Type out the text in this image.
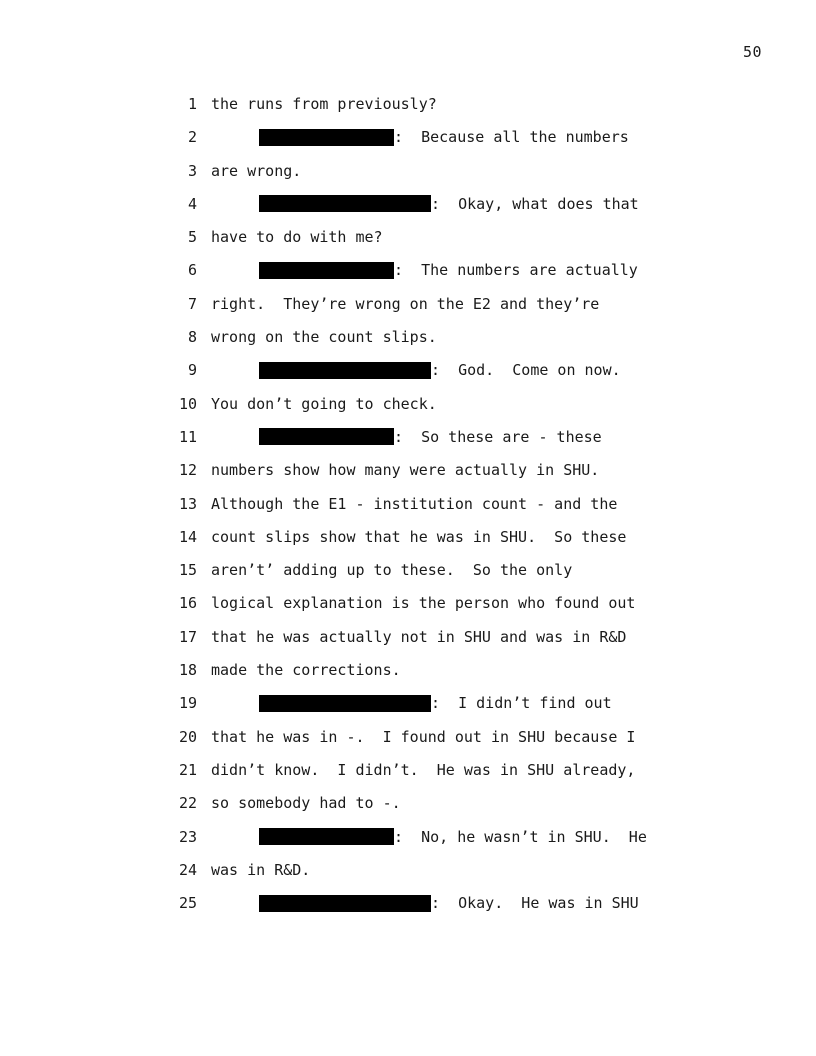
50
1 the runs from previously?
2	:  Because all the numbers
3 are wrong.
4	:  Okay, what does that
5 have to do with me?
6	:  The numbers are actually
7 right.  They’re wrong on the E2 and they’re
8 wrong on the count slips.
9	:  God.  Come on now.
10 You don’t going to check.
11	:  So these are - these
12 numbers show how many were actually in SHU.
13 Although the E1 - institution count - and the
14 count slips show that he was in SHU.  So these
15 aren’t’ adding up to these.  So the only
16 logical explanation is the person who found out
17 that he was actually not in SHU and was in R&D
18 made the corrections.
19	:  I didn’t find out
20 that he was in -.  I found out in SHU because I
21 didn’t know.  I didn’t.  He was in SHU already,
22 so somebody had to -.
23	:  No, he wasn’t in SHU.  He
24 was in R&D.
25	:  Okay.  He was in SHU
